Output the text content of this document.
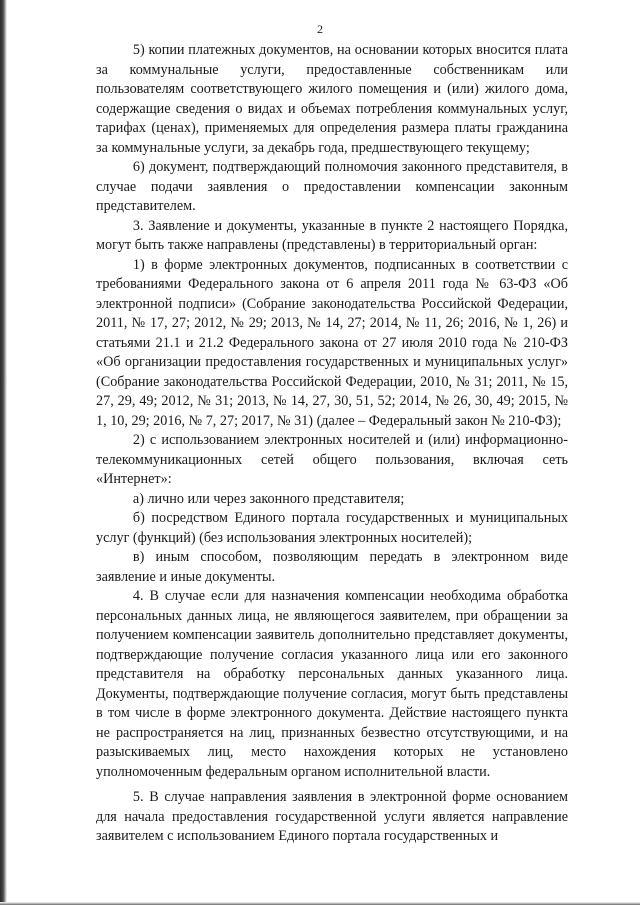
2

5) копии платежных документов, на основании которых вносится плата за коммунальные услуги, предоставленные собственникам или пользователям соответствующего жилого помещения и (или) жилого дома, содержащие сведения о видах и объемах потребления коммунальных услуг, тарифах (ценах), применяемых для определения размера платы гражданина за коммунальные услуги, за декабрь года, предшествующего текущему;

6) документ, подтверждающий полномочия законного представителя, в случае подачи заявления о предоставлении компенсации законным представителем.

3. Заявление и документы, указанные в пункте 2 настоящего Порядка, могут быть также направлены (представлены) в территориальный орган:

1) в форме электронных документов, подписанных в соответствии с требованиями Федерального закона от 6 апреля 2011 года № 63-ФЗ «Об электронной подписи» (Собрание законодательства Российской Федерации, 2011, № 17, 27; 2012, № 29; 2013, № 14, 27; 2014, № 11, 26; 2016, № 1, 26) и статьями 21.1 и 21.2 Федерального закона от 27 июля 2010 года № 210-ФЗ «Об организации предоставления государственных и муниципальных услуг» (Собрание законодательства Российской Федерации, 2010, № 31; 2011, № 15, 27, 29, 49; 2012, № 31; 2013, № 14, 27, 30, 51, 52; 2014, № 26, 30, 49; 2015, № 1, 10, 29; 2016, № 7, 27; 2017, № 31) (далее – Федеральный закон № 210-ФЗ);

2) с использованием электронных носителей и (или) информационно-телекоммуникационных сетей общего пользования, включая сеть «Интернет»:

а) лично или через законного представителя;

б) посредством Единого портала государственных и муниципальных услуг (функций) (без использования электронных носителей);

в) иным способом, позволяющим передать в электронном виде заявление и иные документы.

4. В случае если для назначения компенсации необходима обработка персональных данных лица, не являющегося заявителем, при обращении за получением компенсации заявитель дополнительно представляет документы, подтверждающие получение согласия указанного лица или его законного представителя на обработку персональных данных указанного лица. Документы, подтверждающие получение согласия, могут быть представлены в том числе в форме электронного документа. Действие настоящего пункта не распространяется на лиц, признанных безвестно отсутствующими, и на разыскиваемых лиц, место нахождения которых не установлено уполномоченным федеральным органом исполнительной власти.

5. В случае направления заявления в электронной форме основанием для начала предоставления государственной услуги является направление заявителем с использованием Единого портала государственных и
